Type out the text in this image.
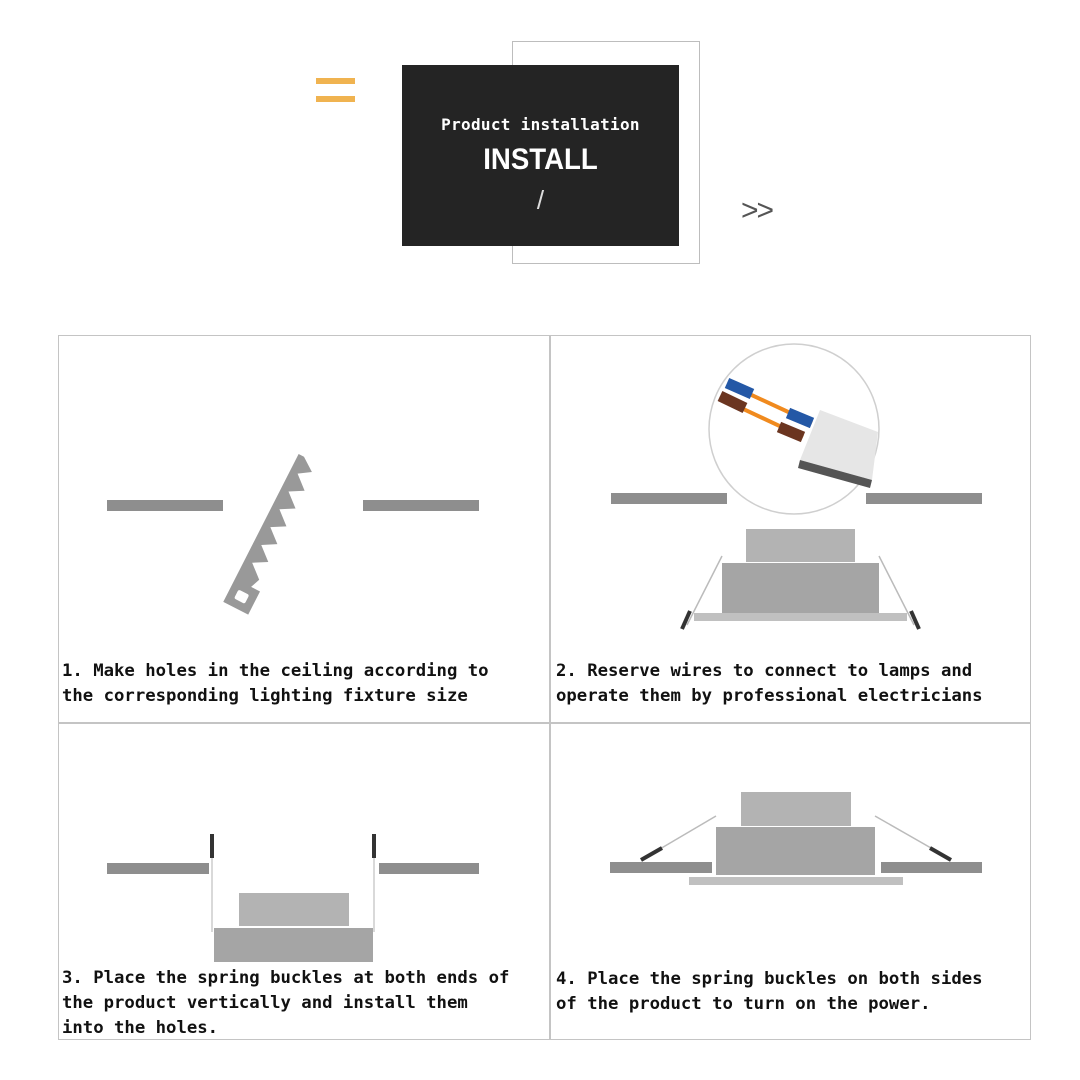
Product installation
INSTALL
/	>>
1. Make holes in the ceiling according to
the corresponding lighting fixture size
2. Reserve wires to connect to lamps and
operate them by professional electricians
3. Place the spring buckles at both ends of
the product vertically and install them
into the holes.
4. Place the spring buckles on both sides
of the product to turn on the power.
